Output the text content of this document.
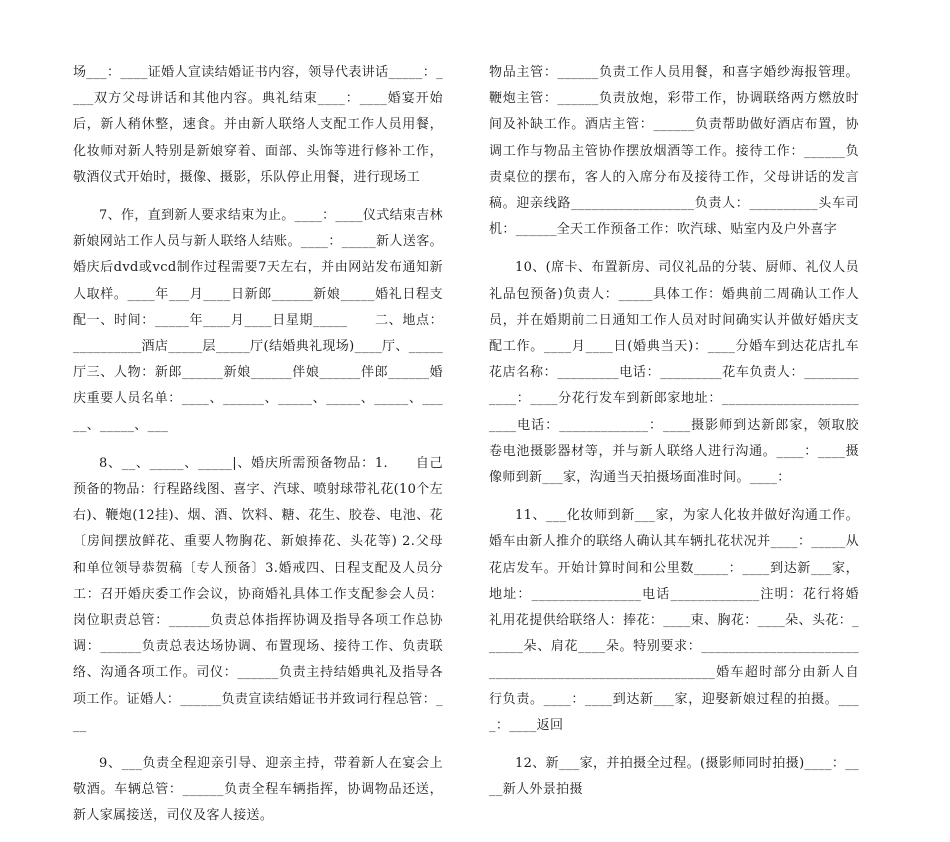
场___：____证婚人宣读结婚证书内容，领导代表讲话_____：____双方父母讲话和其他内容。典礼结束____：____婚宴开始后，新人稍休整，速食。并由新人联络人支配工作人员用餐，化妆师对新人特别是新娘穿着、面部、头饰等进行修补工作，敬酒仪式开始时，摄像、摄影，乐队停止用餐，进行现场工

7、作，直到新人要求结束为止。____：____仪式结束吉林新娘网站工作人员与新人联络人结账。____：_____新人送客。婚庆后dvd或vcd制作过程需要7天左右，并由网站发布通知新人取样。____年___月____日新郎______新娘_____婚礼日程支配一、时间：_____年____月____日星期_____　　二、地点：__________酒店_____层_____厅(结婚典礼现场)____厅、_____厅三、人物：新郎______新娘______伴娘______伴郎______婚庆重要人员名单：____、______、_____、_____、_____、_____、_____、___

8、__、_____、_____|、婚庆所需预备物品：1.　　自己预备的物品：行程路线图、喜字、汽球、喷射球带礼花(10个左右)、鞭炮(12挂)、烟、酒、饮料、糖、花生、胶卷、电池、花〔房间摆放鲜花、重要人物胸花、新娘捧花、头花等) 2.父母和单位领导恭贺稿〔专人预备〕3.婚戒四、日程支配及人员分工：召开婚庆委工作会议，协商婚礼具体工作支配参会人员：岗位职责总管：______负责总体指挥协调及指导各项工作总协调：______负责总表达场协调、布置现场、接待工作、负责联络、沟通各项工作。司仪：______负责主持结婚典礼及指导各项工作。证婚人：______负责宣读结婚证书并致词行程总管：___

9、___负责全程迎亲引导、迎亲主持，带着新人在宴会上敬酒。车辆总管：______负责全程车辆指挥，协调物品还送，新人家属接送，司仪及客人接送。

物品主管：______负责工作人员用餐，和喜字婚纱海报管理。鞭炮主管：______负责放炮，彩带工作，协调联络两方燃放时间及补缺工作。酒店主管：______负责帮助做好酒店布置，协调工作与物品主管协作摆放烟酒等工作。接待工作：______负责桌位的摆布，客人的入席分布及接待工作，父母讲话的发言稿。迎亲线路__________________负责人：__________头车司机：______全天工作预备工作：吹汽球、贴室内及户外喜字

10、(席卡、布置新房、司仪礼品的分装、厨师、礼仪人员礼品包预备)负责人：_____具体工作：婚典前二周确认工作人员，并在婚期前二日通知工作人员对时间确实认并做好婚庆支配工作。____月____日(婚典当天)：____分婚车到达花店扎车花店名称：_________电话：_________花车负责人：____________：____分花行发车到新郎家地址：________________________电话：_____________：____摄影师到达新郎家，领取胶卷电池摄影器材等，并与新人联络人进行沟通。____：____摄像师到新___家，沟通当天拍摄场面准时间。____：

11、___化妆师到新___家，为家人化妆并做好沟通工作。婚车由新人推介的联络人确认其车辆扎花状况并____：_____从花店发车。开始计算时间和公里数_____：____到达新___家，地址：________________电话_____________注明：花行将婚礼用花提供给联络人：捧花：____束、胸花：____朵、头花：______朵、肩花____朵。特别要求：________________________________________________________婚车超时部分由新人自行负责。____：____到达新___家，迎娶新娘过程的拍摄。____：____返回

12、新___家，并拍摄全过程。(摄影师同时拍摄)____：____新人外景拍摄
